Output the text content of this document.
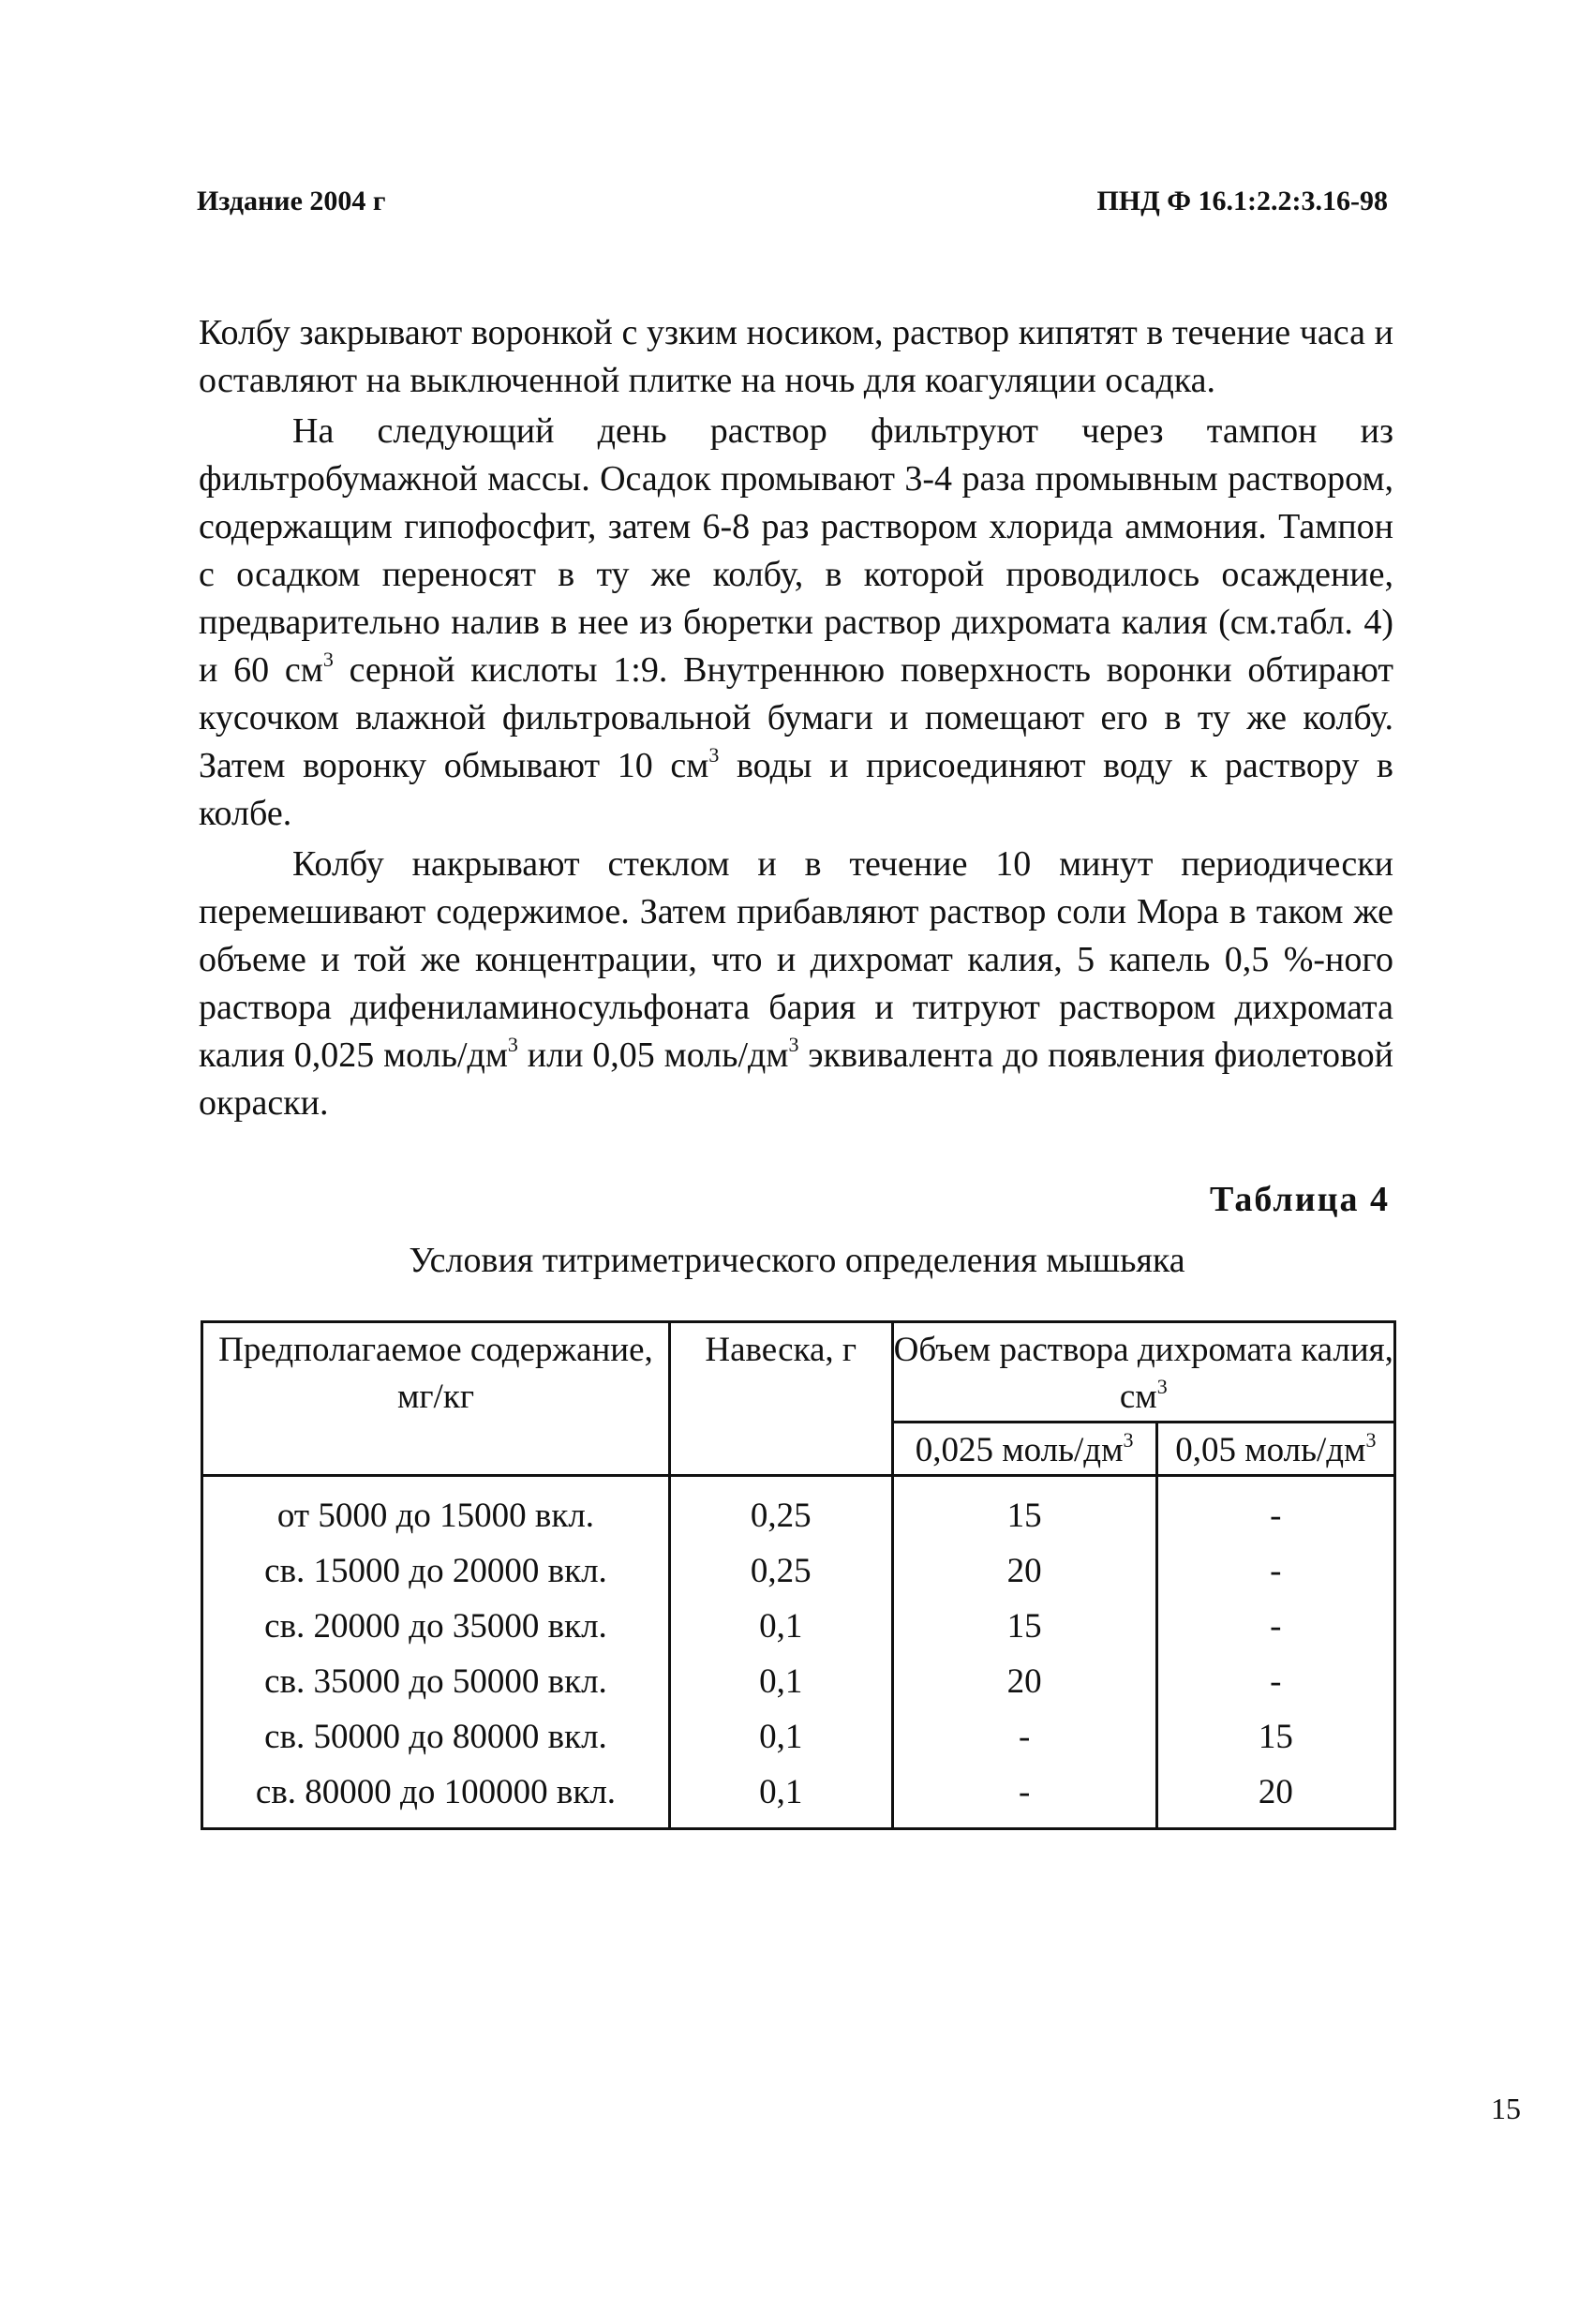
Издание 2004 г	ПНД Ф 16.1:2.2:3.16-98

Колбу закрывают воронкой с узким носиком, раствор кипятят в течение часа и оставляют на выключенной плитке на ночь для коагуляции осадка.

На следующий день раствор фильтруют через тампон из фильтробумажной массы. Осадок промывают 3-4 раза промывным раствором, содержащим гипофосфит, затем 6-8 раз раствором хлорида аммония. Тампон с осадком переносят в ту же колбу, в которой проводилось осаждение, предварительно налив в нее из бюретки раствор дихромата калия (см.табл. 4) и 60 $см^3$ серной кислоты 1:9. Внутреннюю поверхность воронки обтирают кусочком влажной фильтровальной бумаги и помещают его в ту же колбу. Затем воронку обмывают 10 $см^3$ воды и присоединяют воду к раствору в колбе.

Колбу накрывают стеклом и в течение 10 минут периодически перемешивают содержимое. Затем прибавляют раствор соли Мора в таком же объеме и той же концентрации, что и дихромат калия, 5 капель 0,5 %-ного раствора дифениламиносульфоната бария и титруют раствором дихромата калия 0,025 моль/$дм^3$ или 0,05 моль/$дм^3$ эквивалента до появления фиолетовой окраски.

Таблица 4
Условия титриметрического определения мышьяка
Предполагаемое содержание, мг/кг	Навеска, г	Объем раствора дихромата калия, $см^3$
		0,025 моль/$дм^3$	0,05 моль/$дм^3$
от 5000 до 15000 вкл.	0,25	15	-
св. 15000 до 20000 вкл.	0,25	20	-
св. 20000 до 35000 вкл.	0,1	15	-
св. 35000 до 50000 вкл.	0,1	20	-
св. 50000 до 80000 вкл.	0,1	-	15
св. 80000 до 100000 вкл.	0,1	-	20
15
